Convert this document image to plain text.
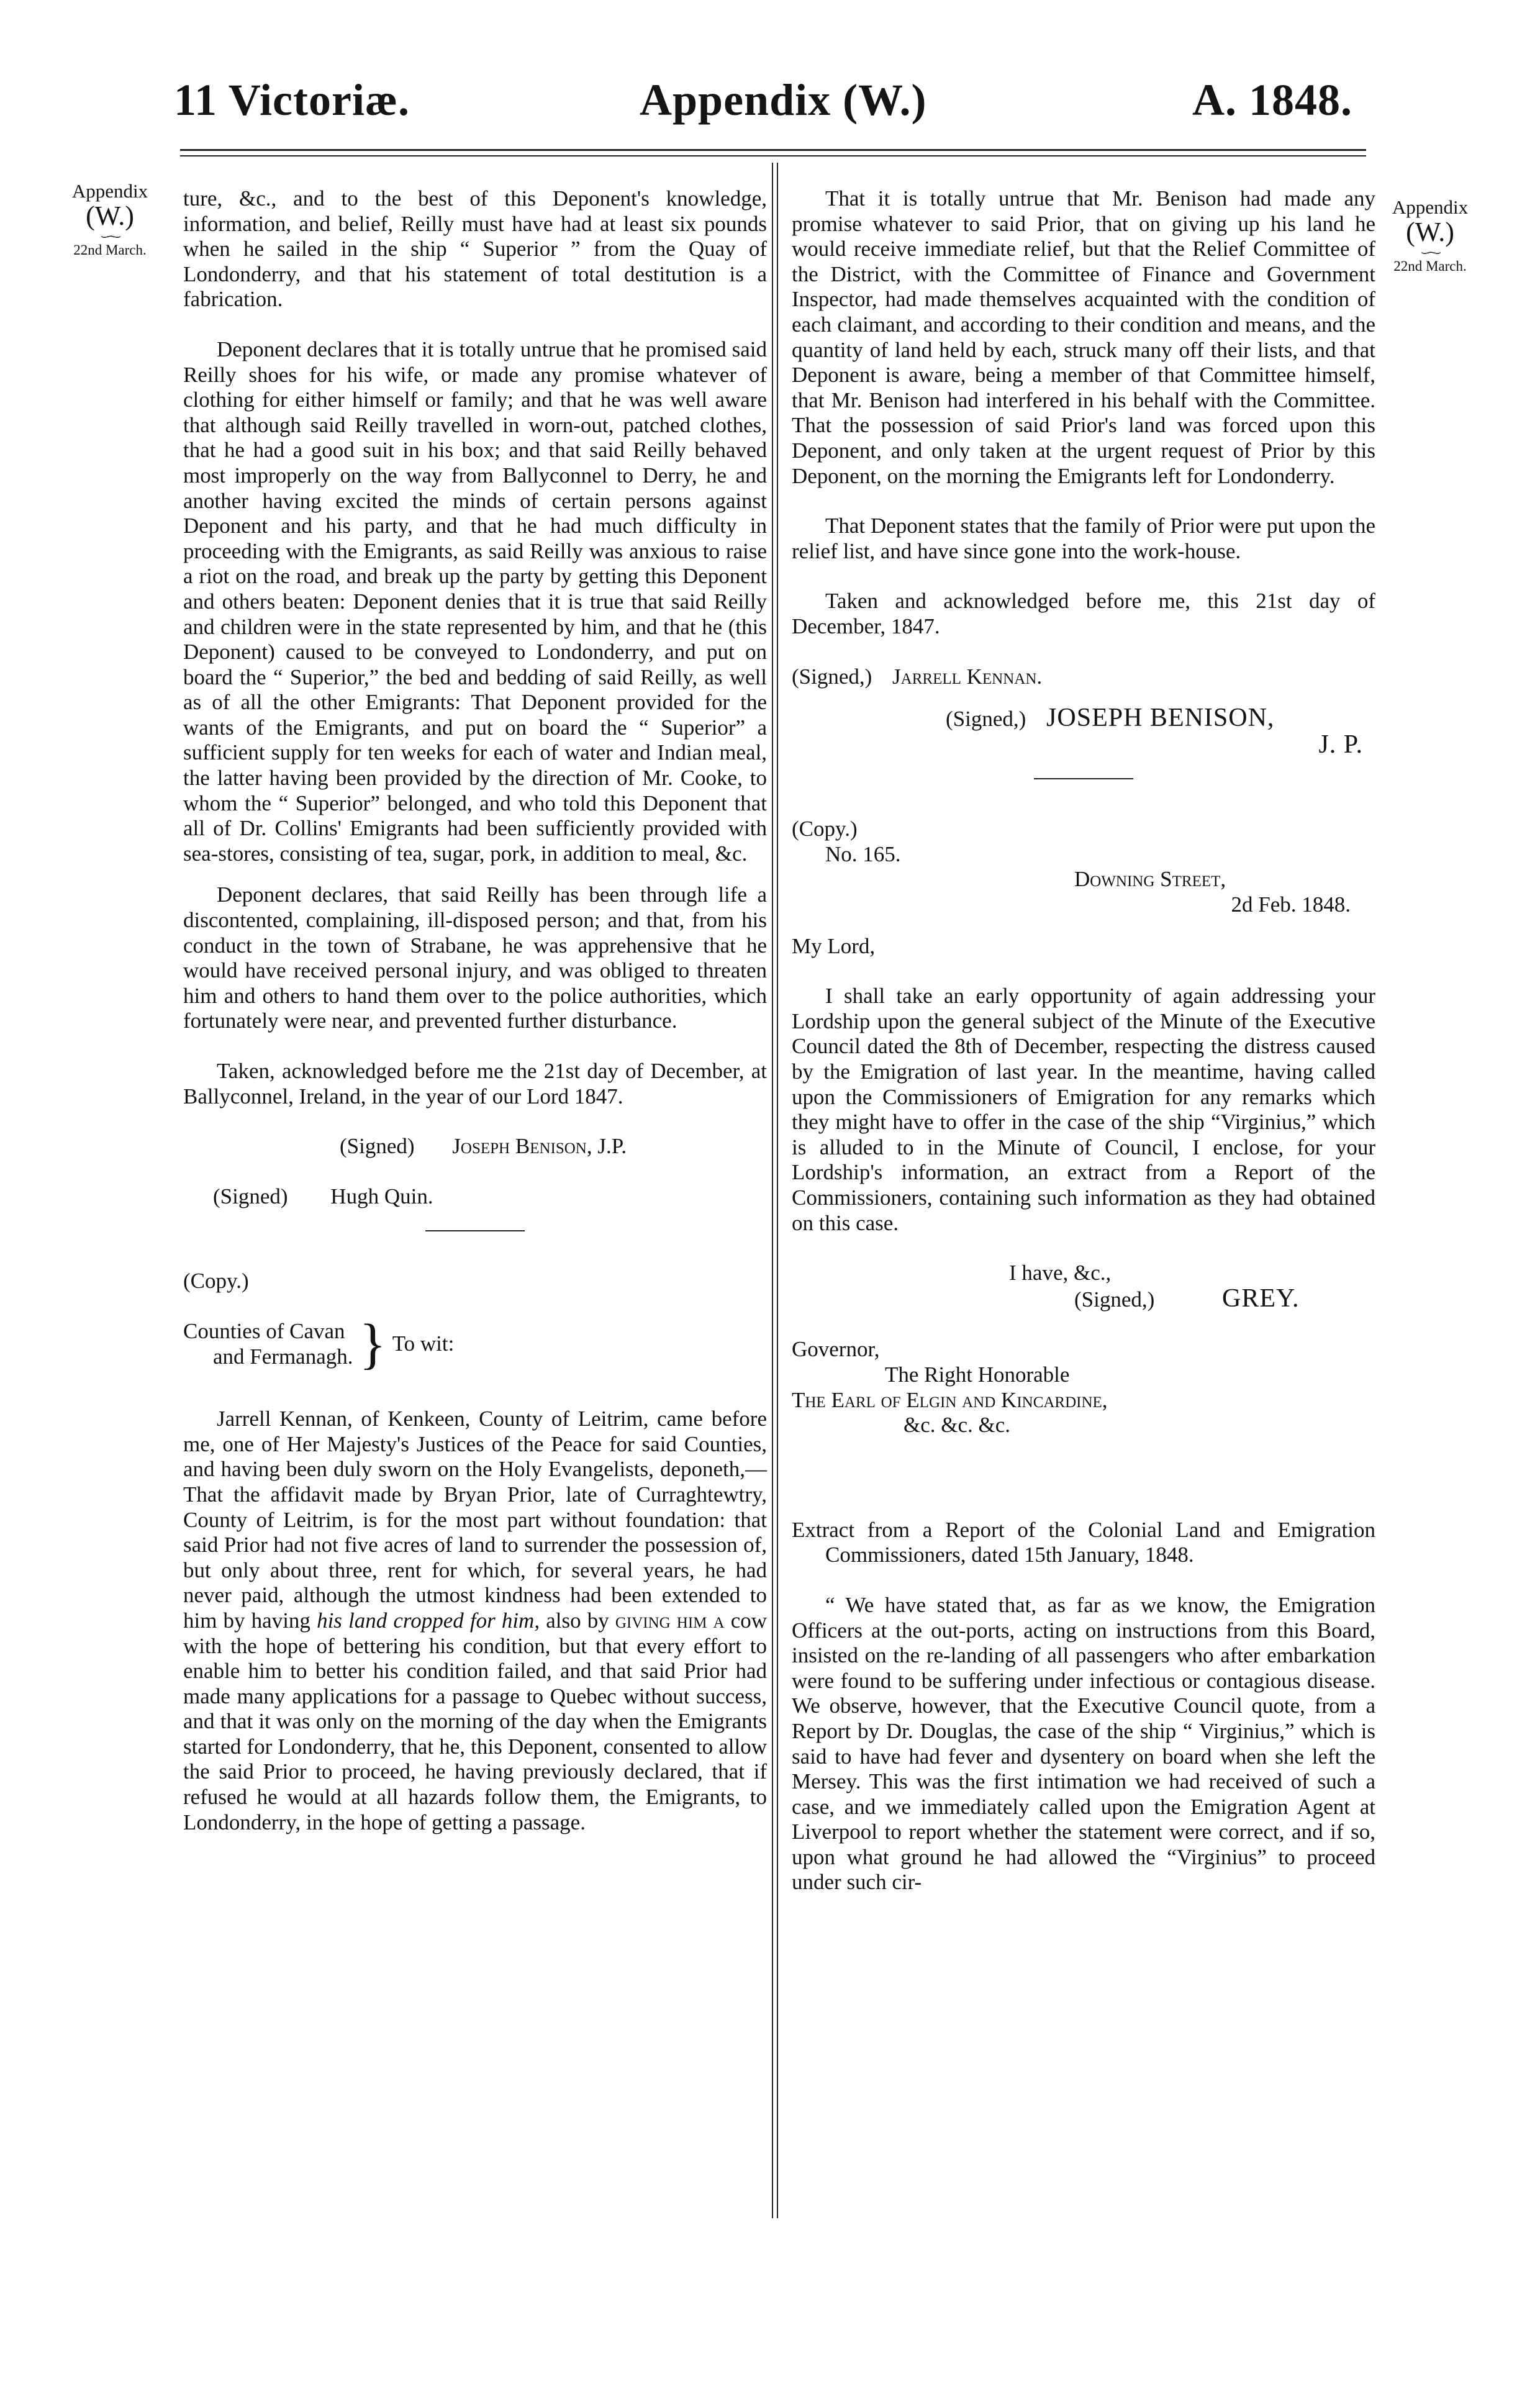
11 Victoriæ.	Appendix (W.)	A. 1848.
Appendix
(W.)
⌣⌢⌣
22nd March.
Appendix
(W.)
⌣⌢⌣
22nd March.

ture, &c., and to the best of this Deponent's knowledge, information, and belief, Reilly must have had at least six pounds when he sailed in the ship “ Superior ” from the Quay of Londonderry, and that his statement of total destitution is a fabrication.

Deponent declares that it is totally untrue that he promised said Reilly shoes for his wife, or made any promise whatever of clothing for either himself or family; and that he was well aware that although said Reilly travelled in worn-out, patched clothes, that he had a good suit in his box; and that said Reilly behaved most improperly on the way from Ballyconnel to Derry, he and another having excited the minds of certain persons against Deponent and his party, and that he had much difficulty in proceeding with the Emigrants, as said Reilly was anxious to raise a riot on the road, and break up the party by getting this Deponent and others beaten: Deponent denies that it is true that said Reilly and children were in the state represented by him, and that he (this Deponent) caused to be conveyed to Londonderry, and put on board the “ Superior,” the bed and bedding of said Reilly, as well as of all the other Emigrants: That Deponent provided for the wants of the Emigrants, and put on board the “ Superior” a sufficient supply for ten weeks for each of water and Indian meal, the latter having been provided by the direction of Mr. Cooke, to whom the “ Superior” belonged, and who told this Deponent that all of Dr. Collins' Emigrants had been sufficiently provided with sea-stores, consisting of tea, sugar, pork, in addition to meal, &c.

Deponent declares, that said Reilly has been through life a discontented, complaining, ill-disposed person; and that, from his conduct in the town of Strabane, he was apprehensive that he would have received personal injury, and was obliged to threaten him and others to hand them over to the police authorities, which fortunately were near, and prevented further disturbance.

Taken, acknowledged before me the 21st day of December, at Ballyconnel, Ireland, in the year of our Lord 1847.

(Signed) Joseph Benison, J.P.
(Signed) Hugh Quin.
(Copy.)
Counties of Cavan
and Fermanagh. } To wit:

Jarrell Kennan, of Kenkeen, County of Leitrim, came before me, one of Her Majesty's Justices of the Peace for said Counties, and having been duly sworn on the Holy Evangelists, deponeth,—That the affidavit made by Bryan Prior, late of Curraghtewtry, County of Leitrim, is for the most part without foundation: that said Prior had not five acres of land to surrender the possession of, but only about three, rent for which, for several years, he had never paid, although the utmost kindness had been extended to him by having his land cropped for him, also by giving him a cow with the hope of bettering his condition, but that every effort to enable him to better his condition failed, and that said Prior had made many applications for a passage to Quebec without success, and that it was only on the morning of the day when the Emigrants started for Londonderry, that he, this Deponent, consented to allow the said Prior to proceed, he having previously declared, that if refused he would at all hazards follow them, the Emigrants, to Londonderry, in the hope of getting a passage.

That it is totally untrue that Mr. Benison had made any promise whatever to said Prior, that on giving up his land he would receive immediate relief, but that the Relief Committee of the District, with the Committee of Finance and Government Inspector, had made themselves acquainted with the condition of each claimant, and according to their condition and means, and the quantity of land held by each, struck many off their lists, and that Deponent is aware, being a member of that Committee himself, that Mr. Benison had interfered in his behalf with the Committee. That the possession of said Prior's land was forced upon this Deponent, and only taken at the urgent request of Prior by this Deponent, on the morning the Emigrants left for Londonderry.

That Deponent states that the family of Prior were put upon the relief list, and have since gone into the work-house.

Taken and acknowledged before me, this 21st day of December, 1847.

(Signed,) Jarrell Kennan.
(Signed,) JOSEPH BENISON,
J. P.
(Copy.)
No. 165.
Downing Street,
2d Feb. 1848.
My Lord,

I shall take an early opportunity of again addressing your Lordship upon the general subject of the Minute of the Executive Council dated the 8th of December, respecting the distress caused by the Emigration of last year. In the meantime, having called upon the Commissioners of Emigration for any remarks which they might have to offer in the case of the ship “Virginius,” which is alluded to in the Minute of Council, I enclose, for your Lordship's information, an extract from a Report of the Commissioners, containing such information as they had obtained on this case.

I have, &c.,
(Signed,)	GREY.
Governor,
The Right Honorable
The Earl of Elgin and Kincardine,
&c. &c. &c.
Extract from a Report of the Colonial Land and Emigration Commissioners, dated 15th January, 1848.

“ We have stated that, as far as we know, the Emigration Officers at the out-ports, acting on instructions from this Board, insisted on the re-landing of all passengers who after embarkation were found to be suffering under infectious or contagious disease. We observe, however, that the Executive Council quote, from a Report by Dr. Douglas, the case of the ship “ Virginius,” which is said to have had fever and dysentery on board when she left the Mersey. This was the first intimation we had received of such a case, and we immediately called upon the Emigration Agent at Liverpool to report whether the statement were correct, and if so, upon what ground he had allowed the “Virginius” to proceed under such cir-
